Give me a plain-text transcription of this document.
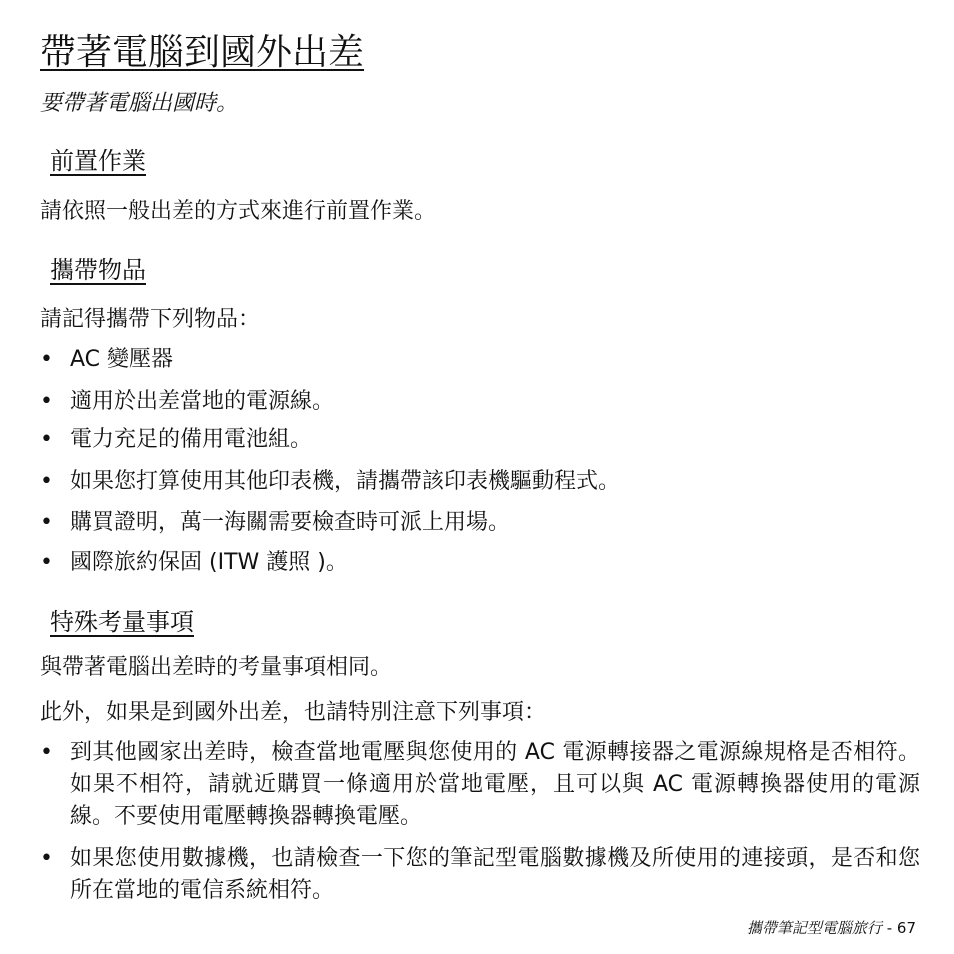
帶著電腦到國外出差
要帶著電腦出國時。
前置作業

請依照一般出差的方式來進行前置作業。

攜帶物品

請記得攜帶下列物品：

• AC 變壓器
• 適用於出差當地的電源線。
• 電力充足的備用電池組。
• 如果您打算使用其他印表機，請攜帶該印表機驅動程式。
• 購買證明，萬一海關需要檢查時可派上用場。
• 國際旅約保固 (ITW 護照 )。
特殊考量事項

與帶著電腦出差時的考量事項相同。

此外，如果是到國外出差，也請特別注意下列事項：

• 到其他國家出差時，檢查當地電壓與您使用的 AC 電源轉接器之電源線規格是否相符。如果不相符，請就近購買一條適用於當地電壓，且可以與 AC 電源轉換器使用的電源線。不要使用電壓轉換器轉換電壓。
• 如果您使用數據機，也請檢查一下您的筆記型電腦數據機及所使用的連接頭，是否和您所在當地的電信系統相符。
攜帶筆記型電腦旅行 - 67
